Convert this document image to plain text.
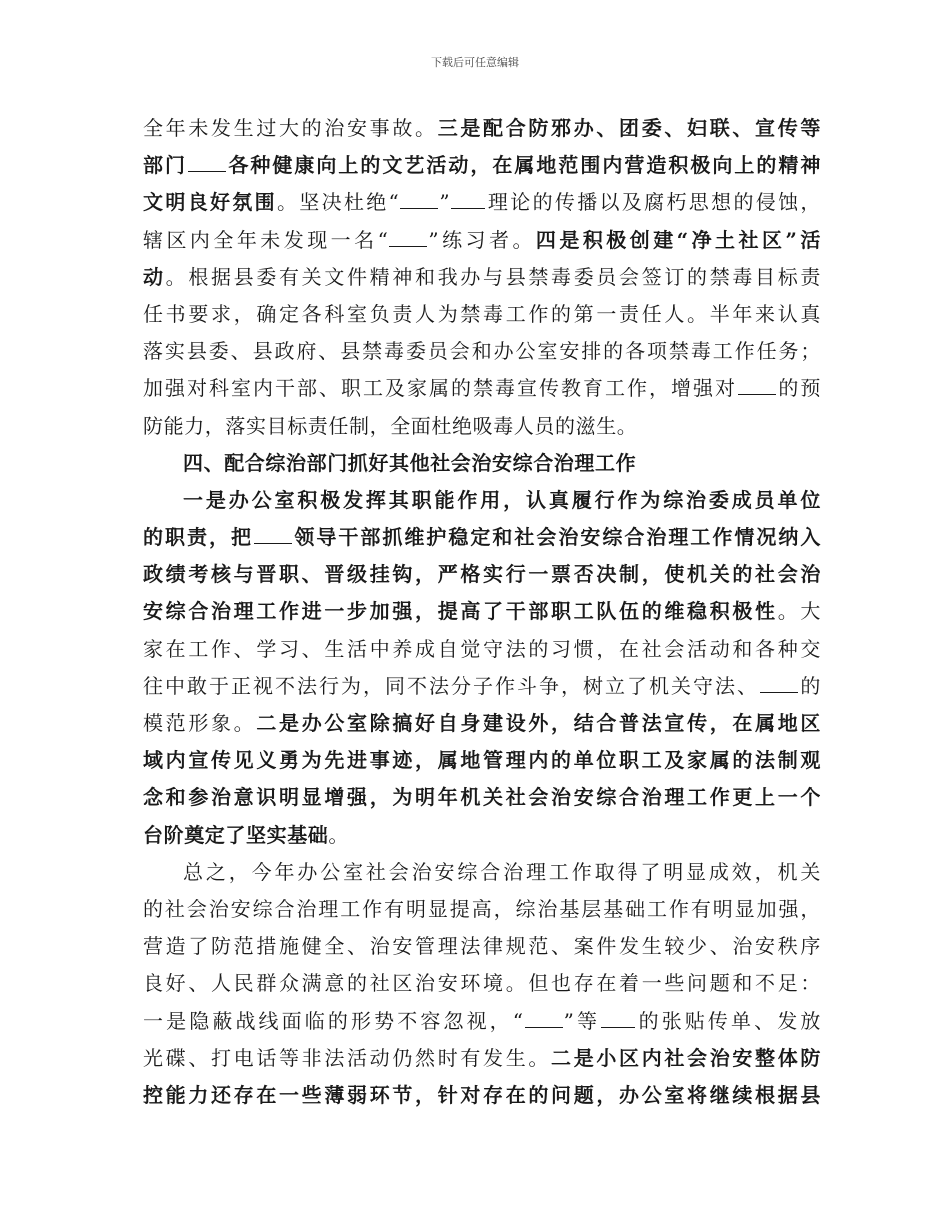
下载后可任意编辑
全年未发生过大的治安事故。三是配合防邪办、团委、妇联、宣传等
部门 各种健康向上的文艺活动，在属地范围内营造积极向上的精神
文明良好氛围。坚决杜绝“ ” 理论的传播以及腐朽思想的侵蚀，
辖区内全年未发现一名“ ”练习者。四是积极创建“净土社区”活
动。根据县委有关文件精神和我办与县禁毒委员会签订的禁毒目标责
任书要求，确定各科室负责人为禁毒工作的第一责任人。半年来认真
落实县委、县政府、县禁毒委员会和办公室安排的各项禁毒工作任务；
加强对科室内干部、职工及家属的禁毒宣传教育工作，增强对 的预
防能力，落实目标责任制，全面杜绝吸毒人员的滋生。
四、配合综治部门抓好其他社会治安综合治理工作
一是办公室积极发挥其职能作用，认真履行作为综治委成员单位
的职责，把 领导干部抓维护稳定和社会治安综合治理工作情况纳入
政绩考核与晋职、晋级挂钩，严格实行一票否决制，使机关的社会治
安综合治理工作进一步加强，提高了干部职工队伍的维稳积极性。大
家在工作、学习、生活中养成自觉守法的习惯，在社会活动和各种交
往中敢于正视不法行为，同不法分子作斗争，树立了机关守法、 的
模范形象。二是办公室除搞好自身建设外，结合普法宣传，在属地区
域内宣传见义勇为先进事迹，属地管理内的单位职工及家属的法制观
念和参治意识明显增强，为明年机关社会治安综合治理工作更上一个
台阶奠定了坚实基础。
总之，今年办公室社会治安综合治理工作取得了明显成效，机关
的社会治安综合治理工作有明显提高，综治基层基础工作有明显加强，
营造了防范措施健全、治安管理法律规范、案件发生较少、治安秩序
良好、人民群众满意的社区治安环境。但也存在着一些问题和不足：
一是隐蔽战线面临的形势不容忽视，“ ”等 的张贴传单、发放
光碟、打电话等非法活动仍然时有发生。二是小区内社会治安整体防
控能力还存在一些薄弱环节，针对存在的问题，办公室将继续根据县
